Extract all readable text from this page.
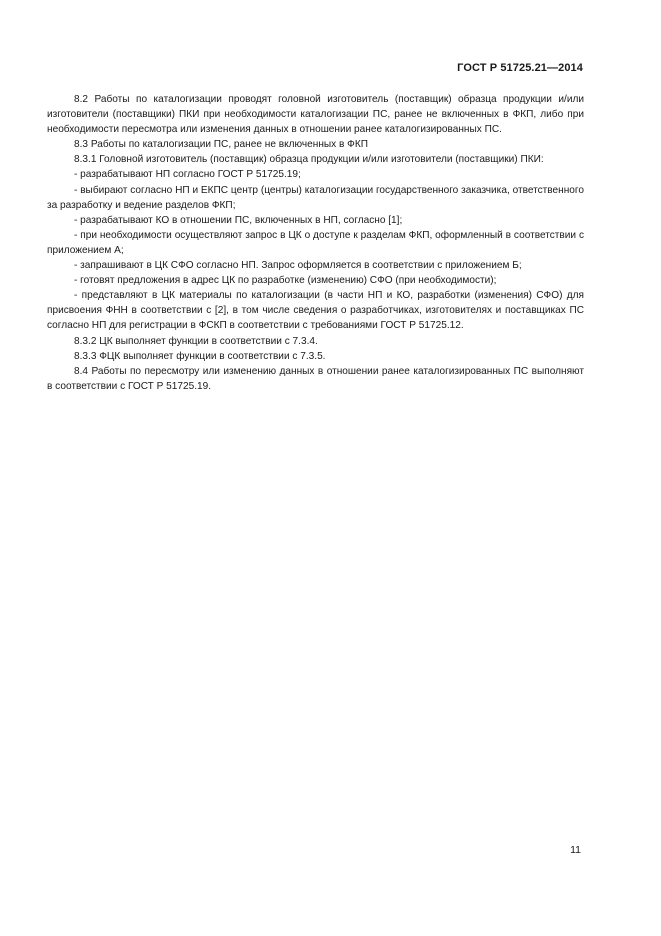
ГОСТ Р 51725.21—2014

8.2 Работы по каталогизации проводят головной изготовитель (поставщик) образца продукции и/или изготовители (поставщики) ПКИ при необходимости каталогизации ПС, ранее не включенных в ФКП, либо при необходимости пересмотра или изменения данных в отношении ранее каталогизированных ПС.

8.3 Работы по каталогизации ПС, ранее не включенных в ФКП

8.3.1 Головной изготовитель (поставщик) образца продукции и/или изготовители (поставщики) ПКИ:

- разрабатывают НП согласно ГОСТ Р 51725.19;

- выбирают согласно НП и ЕКПС центр (центры) каталогизации государственного заказчика, ответственного за разработку и ведение разделов ФКП;

- разрабатывают КО в отношении ПС, включенных в НП, согласно [1];

- при необходимости осуществляют запрос в ЦК о доступе к разделам ФКП, оформленный в соответствии с приложением А;

- запрашивают в ЦК СФО согласно НП. Запрос оформляется в соответствии с приложением Б;

- готовят предложения в адрес ЦК по разработке (изменению) СФО (при необходимости);

- представляют в ЦК материалы по каталогизации (в части НП и КО, разработки (изменения) СФО) для присвоения ФНН в соответствии с [2], в том числе сведения о разработчиках, изготовителях и поставщиках ПС согласно НП для регистрации в ФСКП в соответствии с требованиями ГОСТ Р 51725.12.

8.3.2 ЦК выполняет функции в соответствии с 7.3.4.

8.3.3 ФЦК выполняет функции в соответствии с 7.3.5.

8.4 Работы по пересмотру или изменению данных в отношении ранее каталогизированных ПС выполняют в соответствии с ГОСТ Р 51725.19.

11
